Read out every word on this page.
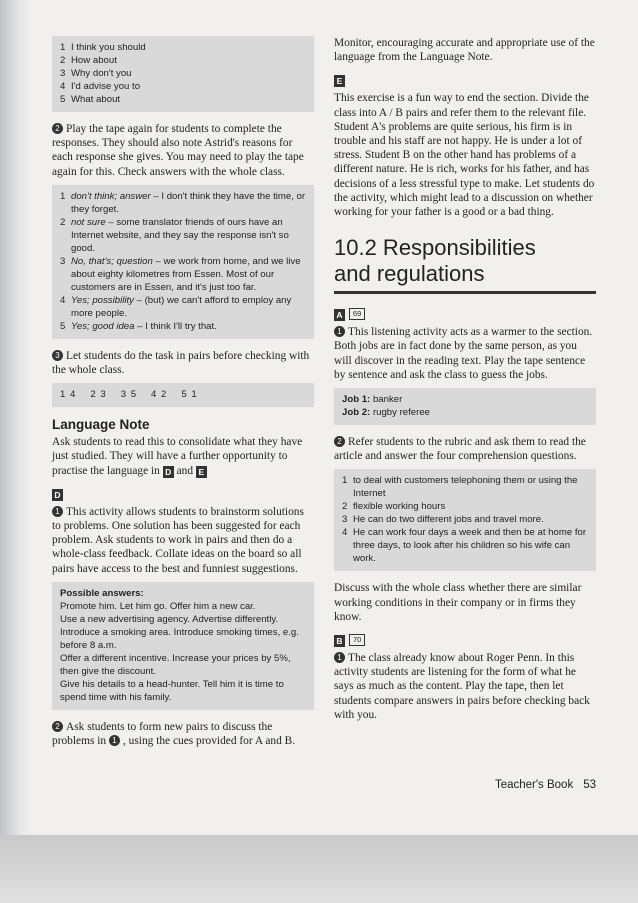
1 I think you should
2 How about
3 Why don't you
4 I'd advise you to
5 What about

2 Play the tape again for students to complete the responses. They should also note Astrid's reasons for each response she gives. You may need to play the tape again for this. Check answers with the whole class.

1 don't think; answer – I don't think they have the time, or they forget.
2 not sure – some translator friends of ours have an Internet website, and they say the response isn't so good.
3 No, that's; question – we work from home, and we live about eighty kilometres from Essen. Most of our customers are in Essen, and it's just too far.
4 Yes; possibility – (but) we can't afford to employ any more people.
5 Yes; good idea – I think I'll try that.

3 Let students do the task in pairs before checking with the whole class.

1 4 2 3 3 5 4 2 5 1
Language Note

Ask students to read this to consolidate what they have just studied. They will have a further opportunity to practise the language in D and E

D

1 This activity allows students to brainstorm solutions to problems. One solution has been suggested for each problem. Ask students to work in pairs and then do a whole-class feedback. Collate ideas on the board so all pairs have access to the best and funniest suggestions.

Possible answers:
Promote him. Let him go. Offer him a new car.
Use a new advertising agency. Advertise differently.
Introduce a smoking area. Introduce smoking times, e.g. before 8 a.m.
Offer a different incentive. Increase your prices by 5%, then give the discount.
Give his details to a head-hunter. Tell him it is time to spend time with his family.

2 Ask students to form new pairs to discuss the problems in 1 , using the cues provided for A and B.

Monitor, encouraging accurate and appropriate use of the language from the Language Note.

E

This exercise is a fun way to end the section. Divide the class into A / B pairs and refer them to the relevant file. Student A's problems are quite serious, his firm is in trouble and his staff are not happy. He is under a lot of stress. Student B on the other hand has problems of a different nature. He is rich, works for his father, and has decisions of a less stressful type to make. Let students do the activity, which might lead to a discussion on whether working for your father is a good or a bad thing.

10.2 Responsibilities
and regulations
A 69

1 This listening activity acts as a warmer to the section. Both jobs are in fact done by the same person, as you will discover in the reading text. Play the tape sentence by sentence and ask the class to guess the jobs.

Job 1: banker
Job 2: rugby referee

2 Refer students to the rubric and ask them to read the article and answer the four comprehension questions.

1 to deal with customers telephoning them or using the Internet
2 flexible working hours
3 He can do two different jobs and travel more.
4 He can work four days a week and then be at home for three days, to look after his children so his wife can work.

Discuss with the whole class whether there are similar working conditions in their company or in firms they know.

B 70

1 The class already know about Roger Penn. In this activity students are listening for the form of what he says as much as the content. Play the tape, then let students compare answers in pairs before checking back with you.

Teacher's Book 53
